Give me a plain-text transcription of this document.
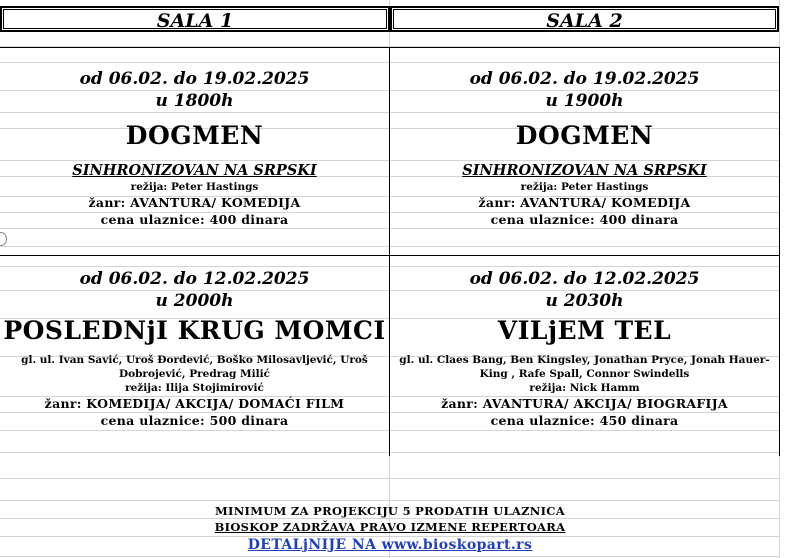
SALA 1	SALA 2
od 06.02. do 19.02.2025
u 1800h
DOGMEN
SINHRONIZOVAN NA SRPSKI
režija: Peter Hastings
žanr: AVANTURA/ KOMEDIJA
cena ulaznice: 400 dinara
od 06.02. do 19.02.2025
u 1900h
DOGMEN
SINHRONIZOVAN NA SRPSKI
režija: Peter Hastings
žanr: AVANTURA/ KOMEDIJA
cena ulaznice: 400 dinara
od 06.02. do 12.02.2025
u 2000h
POSLEDNjI KRUG MOMCI
gl. ul. Ivan Savić, Uroš Đordević, Boško Milosavljević, Uroš Dobrojević, Predrag Milić
režija: Ilija Stojimirović
žanr: KOMEDIJA/ AKCIJA/ DOMAĆI FILM
cena ulaznice: 500 dinara
od 06.02. do 12.02.2025
u 2030h
VILjEM TEL
gl. ul. Claes Bang, Ben Kingsley, Jonathan Pryce, Jonah Hauer-King , Rafe Spall, Connor Swindells
režija: Nick Hamm
žanr: AVANTURA/ AKCIJA/ BIOGRAFIJA
cena ulaznice: 450 dinara
MINIMUM ZA PROJEKCIJU 5 PRODATIH ULAZNICA
BIOSKOP ZADRŽAVA PRAVO IZMENE REPERTOARA
DETALjNIJE NA www.bioskopart.rs
